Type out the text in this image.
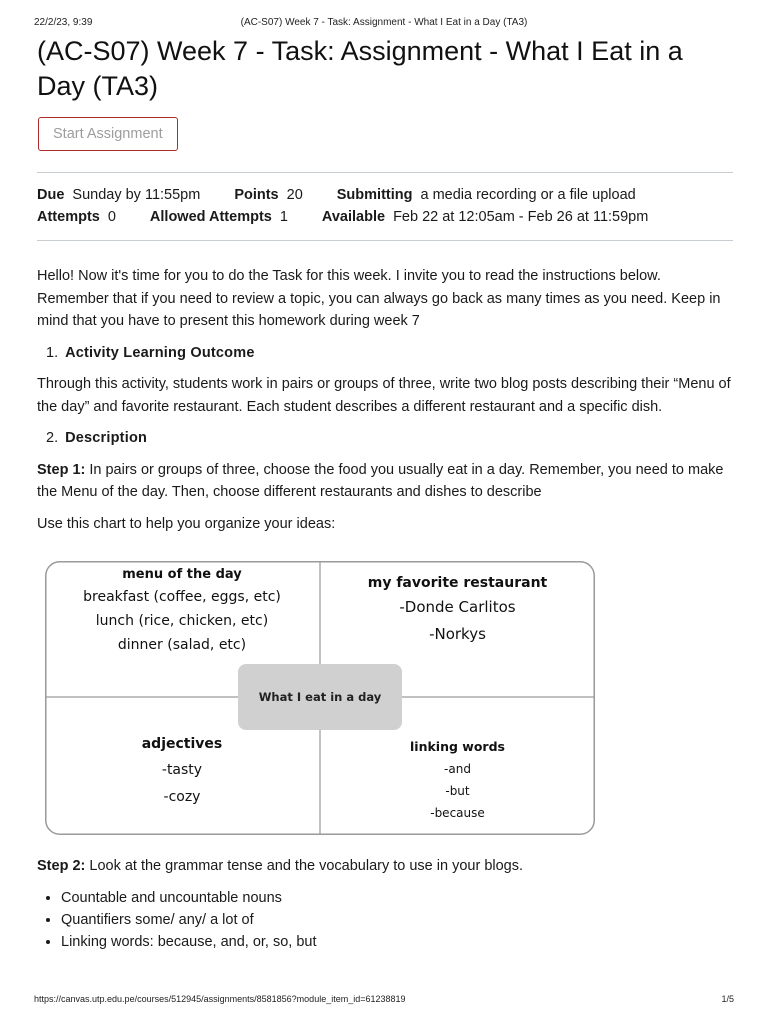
22/2/23, 9:39	(AC-S07) Week 7 - Task: Assignment - What I Eat in a Day (TA3)
(AC-S07) Week 7 - Task: Assignment - What I Eat in a Day (TA3)
Start Assignment
Due Sunday by 11:55pm Points 20 Submitting a media recording or a file upload
Attempts 0 Allowed Attempts 1 Available Feb 22 at 12:05am - Feb 26 at 11:59pm

Hello! Now it's time for you to do the Task for this week. I invite you to read the instructions below. Remember that if you need to review a topic, you can always go back as many times as you need. Keep in mind that you have to present this homework during week 7

1. Activity Learning Outcome

Through this activity, students work in pairs or groups of three, write two blog posts describing their “Menu of the day” and favorite restaurant. Each student describes a different restaurant and a specific dish.

2. Description

Step 1: In pairs or groups of three, choose the food you usually eat in a day. Remember, you need to make the Menu of the day. Then, choose different restaurants and dishes to describe

Use this chart to help you organize your ideas:

menu of the day
breakfast (coffee, eggs, etc)
lunch (rice, chicken, etc)
dinner (salad, etc)
my favorite restaurant
-Donde Carlitos
-Norkys
adjectives
-tasty
-cozy
linking words
-and
-but
-because
What I eat in a day

Step 2: Look at the grammar tense and the vocabulary to use in your blogs.

• Countable and uncountable nouns
• Quantifiers some/ any/ a lot of
• Linking words: because, and, or, so, but
https://canvas.utp.edu.pe/courses/512945/assignments/8581856?module_item_id=61238819	1/5
